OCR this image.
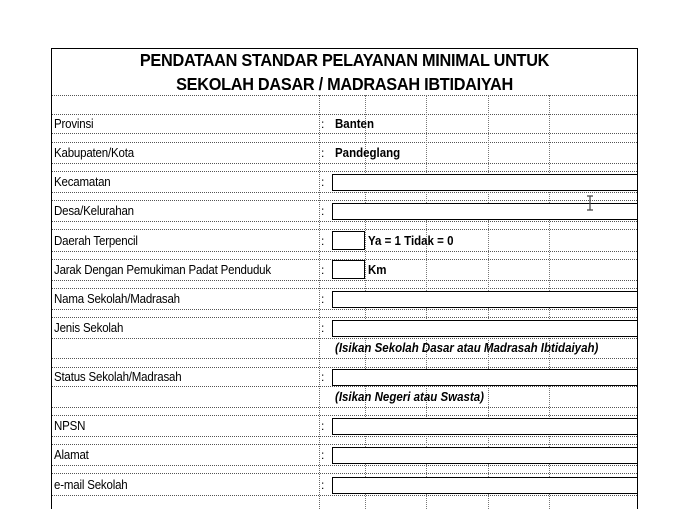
PENDATAAN STANDAR PELAYANAN MINIMAL UNTUK
SEKOLAH DASAR / MADRASAH IBTIDAIYAH
Provinsi	: Banten
Kabupaten/Kota	: Pandeglang
Kecamatan	:
Desa/Kelurahan	:
Daerah Terpencil	:	Ya = 1 Tidak = 0
Jarak Dengan Pemukiman Padat Penduduk	:	Km
Nama Sekolah/Madrasah	:
Jenis Sekolah	:
(Isikan Sekolah Dasar atau Madrasah Ibtidaiyah)
Status Sekolah/Madrasah	:
(Isikan Negeri atau Swasta)
NPSN	:
Alamat	:
e-mail Sekolah	:
